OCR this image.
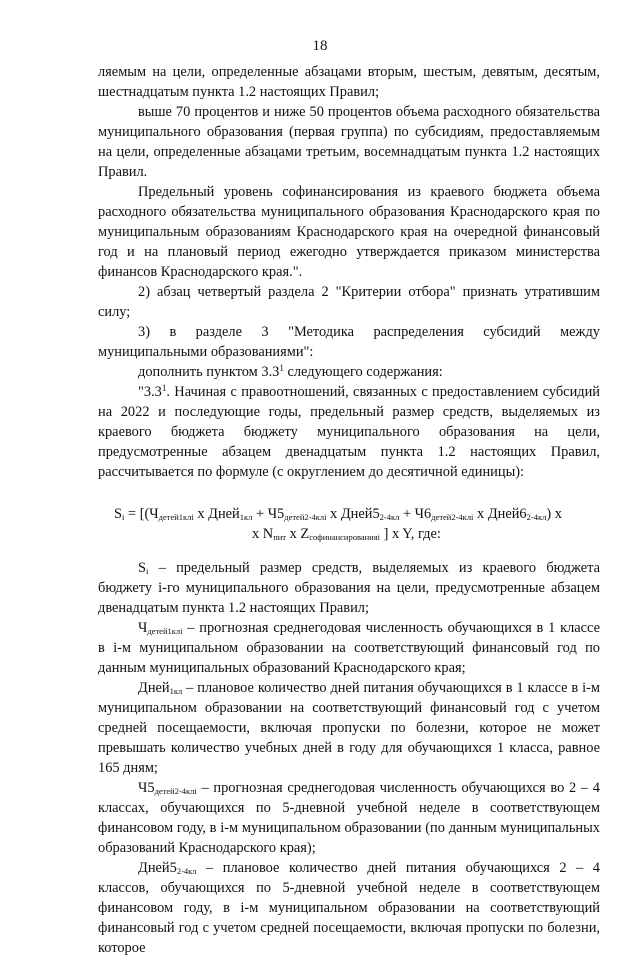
18

ляемым на цели, определенные абзацами вторым, шестым, девятым, десятым, шестнадцатым пункта 1.2 настоящих Правил;

выше 70 процентов и ниже 50 процентов объема расходного обязательства муниципального образования (первая группа) по субсидиям, предоставляемым на цели, определенные абзацами третьим, восемнадцатым пункта 1.2 настоящих Правил.

Предельный уровень софинансирования из краевого бюджета объема расходного обязательства муниципального образования Краснодарского края по муниципальным образованиям Краснодарского края на очередной финансовый год и на плановый период ежегодно утверждается приказом министерства финансов Краснодарского края.".

2) абзац четвертый раздела 2 "Критерии отбора" признать утратившим силу;

3) в разделе 3 "Методика распределения субсидий между муниципальными образованиями":

дополнить пунктом $3.3^1$ следующего содержания:

"$3.3^1$. Начиная с правоотношений, связанных с предоставлением субсидий на 2022 и последующие годы, предельный размер средств, выделяемых из краевого бюджета бюджету муниципального образования на цели, предусмотренные абзацем двенадцатым пункта 1.2 настоящих Правил, рассчитывается по формуле (с округлением до десятичной единицы):

$S_i = [(Ч_{детей1клi}$ x Дней$_{1кл}$ + $Ч5_{детей2-4клi}$ x $Дней5_{2-4кл} + Ч6_{детей2-4клi}$ x $Дней6_{2-4кл}$) x
x $N_{пит}$ x $Z_{софинансированияi}$ ] x Y, где:

$S_i$ – предельный размер средств, выделяемых из краевого бюджета бюджету i-го муниципального образования на цели, предусмотренные абзацем двенадцатым пункта 1.2 настоящих Правил;

$Ч_{детей1клi}$ – прогнозная среднегодовая численность обучающихся в 1 классе в i-м муниципальном образовании на соответствующий финансовый год по данным муниципальных образований Краснодарского края;

Дней$_{1кл}$ – плановое количество дней питания обучающихся в 1 классе в i-м муниципальном образовании на соответствующий финансовый год с учетом средней посещаемости, включая пропуски по болезни, которое не может превышать количество учебных дней в году для обучающихся 1 класса, равное 165 дням;

$Ч5_{детей2-4клi}$ – прогнозная среднегодовая численность обучающихся во 2 – 4 классах, обучающихся по 5-дневной учебной неделе в соответствующем финансовом году, в i-м муниципальном образовании (по данным муниципальных образований Краснодарского края);

$Дней5_{2-4кл}$ – плановое количество дней питания обучающихся 2 – 4 классов, обучающихся по 5-дневной учебной неделе в соответствующем финансовом году, в i-м муниципальном образовании на соответствующий финансовый год с учетом средней посещаемости, включая пропуски по болезни, которое
